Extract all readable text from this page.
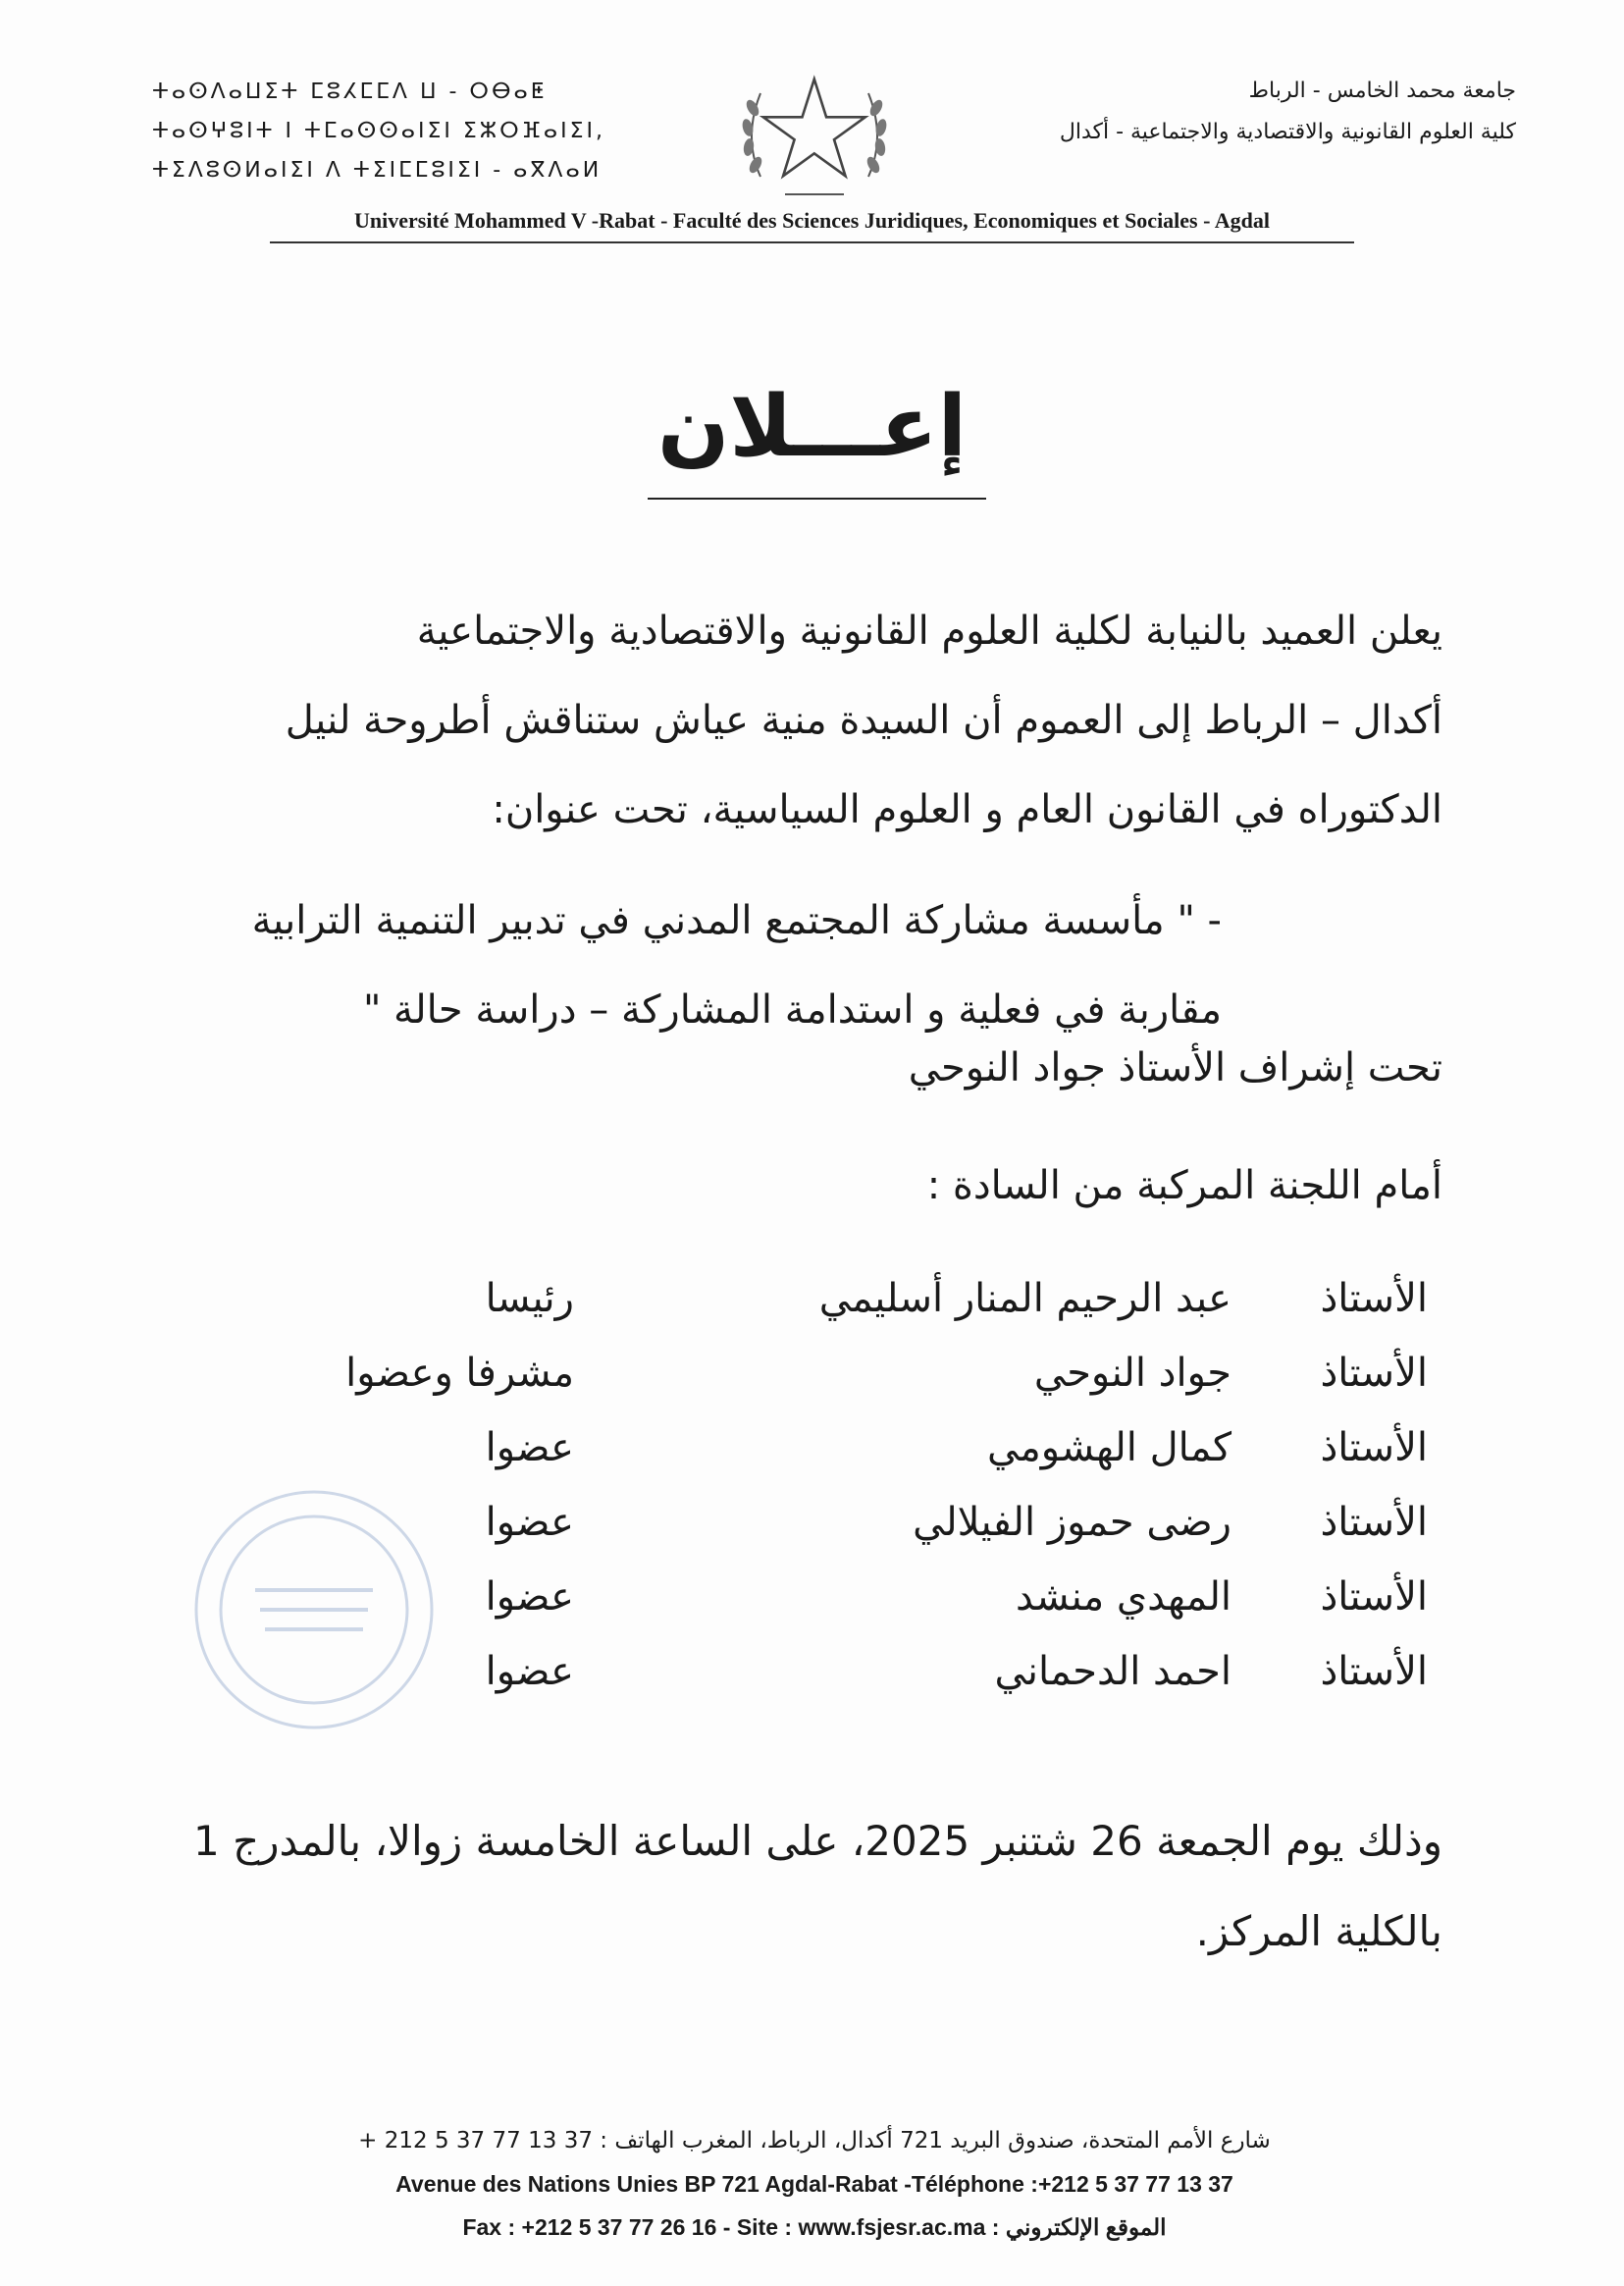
ⵜⴰⵙⴷⴰⵡⵉⵜ ⵎⵓⵃⵎⵎⴷ ⵡ - ⵔⴱⴰⵟ
ⵜⴰⵙⵖⵓⵏⵜ ⵏ ⵜⵎⴰⵙⵙⴰⵏⵉⵏ ⵉⵣⵔⴼⴰⵏⵉⵏ,
ⵜⵉⴷⵓⵙⵍⴰⵏⵉⵏ ⴷ ⵜⵉⵏⵎⵎⵓⵏⵉⵏ - ⴰⴳⴷⴰⵍ
جامعة محمد الخامس - الرباط
كلية العلوم القانونية والاقتصادية والاجتماعية - أكدال
Université Mohammed V -Rabat - Faculté des Sciences Juridiques, Economiques et Sociales - Agdal
إعـــلان
يعلن العميد بالنيابة لكلية العلوم القانونية والاقتصادية والاجتماعية
أكدال – الرباط إلى العموم أن السيدة منية عياش ستناقش أطروحة لنيل
الدكتوراه في القانون العام و العلوم السياسية، تحت عنوان:
- " مأسسة مشاركة المجتمع المدني في تدبير التنمية الترابية
مقاربة في فعلية و استدامة المشاركة – دراسة حالة "
تحت إشراف الأستاذ جواد النوحي
أمام اللجنة المركبة من السادة :
الأستاذ
عبد الرحيم المنار أسليمي
رئيسا
الأستاذ
جواد النوحي
مشرفا وعضوا
الأستاذ
كمال الهشومي
عضوا
الأستاذ
رضى حموز الفيلالي
عضوا
الأستاذ
المهدي منشد
عضوا
الأستاذ
احمد الدحماني
عضوا
وذلك يوم الجمعة 26 شتنبر 2025، على الساعة الخامسة زوالا، بالمدرج 1
بالكلية المركز.
شارع الأمم المتحدة، صندوق البريد 721 أكدال، الرباط، المغرب الهاتف : 37 13 77 37 5 212 +
Avenue des Nations Unies BP 721 Agdal-Rabat -Téléphone :+212 5 37 77 13 37
Fax : +212 5 37 77 26 16 - Site : www.fsjesr.ac.ma : الموقع الإلكتروني
